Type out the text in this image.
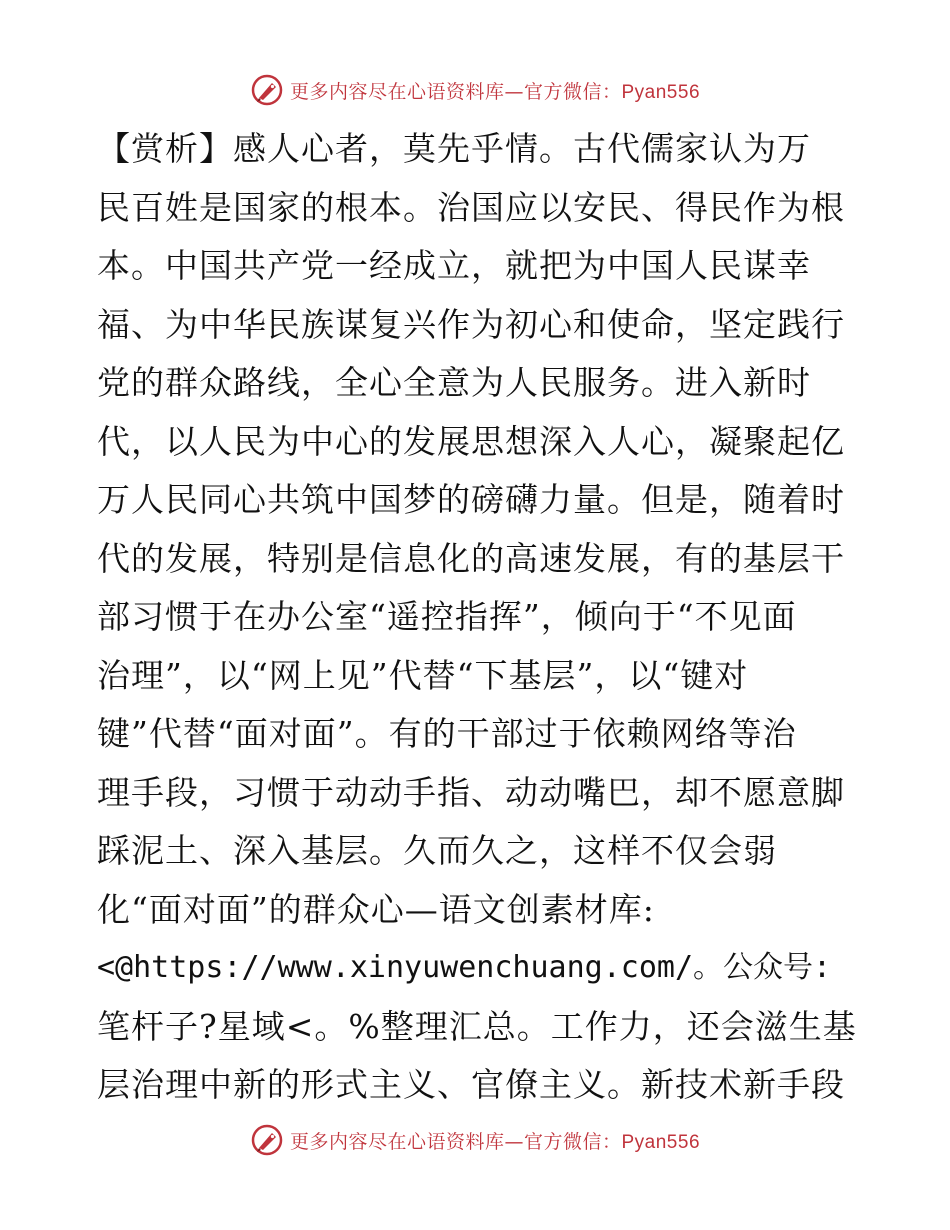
更多内容尽在心语资料库—官方微信：Pyan556
【赏析】感人心者，莫先乎情。古代儒家认为万
民百姓是国家的根本。治国应以安民、得民作为根
本。中国共产党一经成立，就把为中国人民谋幸
福、为中华民族谋复兴作为初心和使命，坚定践行
党的群众路线，全心全意为人民服务。进入新时
代，以人民为中心的发展思想深入人心，凝聚起亿
万人民同心共筑中国梦的磅礴力量。但是，随着时
代的发展，特别是信息化的高速发展，有的基层干
部习惯于在办公室“遥控指挥”，倾向于“不见面
治理”，以“网上见”代替“下基层”，以“键对
键”代替“面对面”。有的干部过于依赖网络等治
理手段，习惯于动动手指、动动嘴巴，却不愿意脚
踩泥土、深入基层。久而久之，这样不仅会弱
化“面对面”的群众心—语文创素材库:
<@https://www.xinyuwenchuang.com/。公众号:
笔杆子?星域<。%整理汇总。工作力，还会滋生基
层治理中新的形式主义、官僚主义。新技术新手段
更多内容尽在心语资料库—官方微信：Pyan556
